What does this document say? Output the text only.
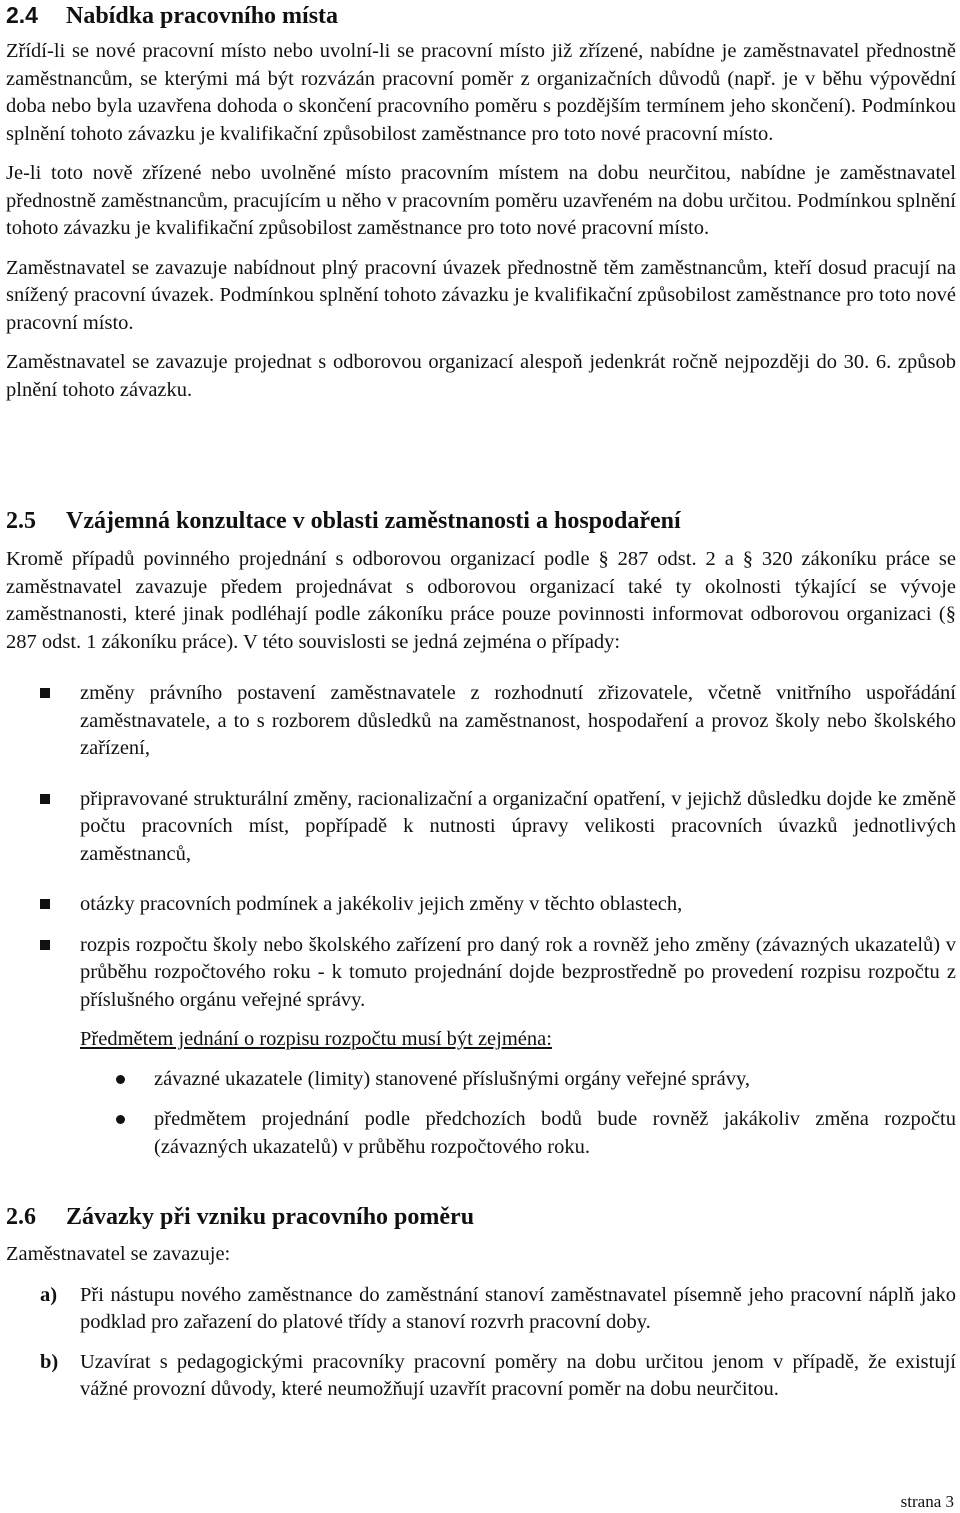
2.4	Nabídka pracovního místa

Zřídí-li se nové pracovní místo nebo uvolní-li se pracovní místo již zřízené, nabídne je zaměstnavatel přednostně zaměstnancům, se kterými má být rozvázán pracovní poměr z organizačních důvodů (např. je v běhu výpovědní doba nebo byla uzavřena dohoda o skončení pracovního poměru s pozdějším termínem jeho skončení). Podmínkou splnění tohoto závazku je kvalifikační způsobilost zaměstnance pro toto nové pracovní místo.

Je-li toto nově zřízené nebo uvolněné místo pracovním místem na dobu neurčitou, nabídne je zaměstnavatel přednostně zaměstnancům, pracujícím u něho v pracovním poměru uzavřeném na dobu určitou. Podmínkou splnění tohoto závazku je kvalifikační způsobilost zaměstnance pro toto nové pracovní místo.

Zaměstnavatel se zavazuje nabídnout plný pracovní úvazek přednostně těm zaměstnancům, kteří dosud pracují na snížený pracovní úvazek. Podmínkou splnění tohoto závazku je kvalifikační způsobilost zaměstnance pro toto nové pracovní místo.

Zaměstnavatel se zavazuje projednat s odborovou organizací alespoň jedenkrát ročně nejpozději do 30. 6. způsob plnění tohoto závazku.

2.5	Vzájemná konzultace v oblasti zaměstnanosti a hospodaření

Kromě případů povinného projednání s odborovou organizací podle § 287 odst. 2 a § 320 zákoníku práce se zaměstnavatel zavazuje předem projednávat s odborovou organizací také ty okolnosti týkající se vývoje zaměstnanosti, které jinak podléhají podle zákoníku práce pouze povinnosti informovat odborovou organizaci (§ 287 odst. 1 zákoníku práce). V této souvislosti se jedná zejména o případy:

změny právního postavení zaměstnavatele z rozhodnutí zřizovatele, včetně vnitřního uspořádání zaměstnavatele, a to s rozborem důsledků na zaměstnanost, hospodaření a provoz školy nebo školského zařízení,
připravované strukturální změny, racionalizační a organizační opatření, v jejichž důsledku dojde ke změně počtu pracovních míst, popřípadě k nutnosti úpravy velikosti pracovních úvazků jednotlivých zaměstnanců,
otázky pracovních podmínek a jakékoliv jejich změny v těchto oblastech,
rozpis rozpočtu školy nebo školského zařízení pro daný rok a rovněž jeho změny (závazných ukazatelů) v průběhu rozpočtového roku - k tomuto projednání dojde bezprostředně po provedení rozpisu rozpočtu z příslušného orgánu veřejné správy.

Předmětem jednání o rozpisu rozpočtu musí být zejména:

závazné ukazatele (limity) stanovené příslušnými orgány veřejné správy,
předmětem projednání podle předchozích bodů bude rovněž jakákoliv změna rozpočtu (závazných ukazatelů) v průběhu rozpočtového roku.
2.6	Závazky při vzniku pracovního poměru

Zaměstnavatel se zavazuje:

a) Při nástupu nového zaměstnance do zaměstnání stanoví zaměstnavatel písemně jeho pracovní náplň jako podklad pro zařazení do platové třídy a stanoví rozvrh pracovní doby.
b) Uzavírat s pedagogickými pracovníky pracovní poměry na dobu určitou jenom v případě, že existují vážné provozní důvody, které neumožňují uzavřít pracovní poměr na dobu neurčitou.
strana 3
